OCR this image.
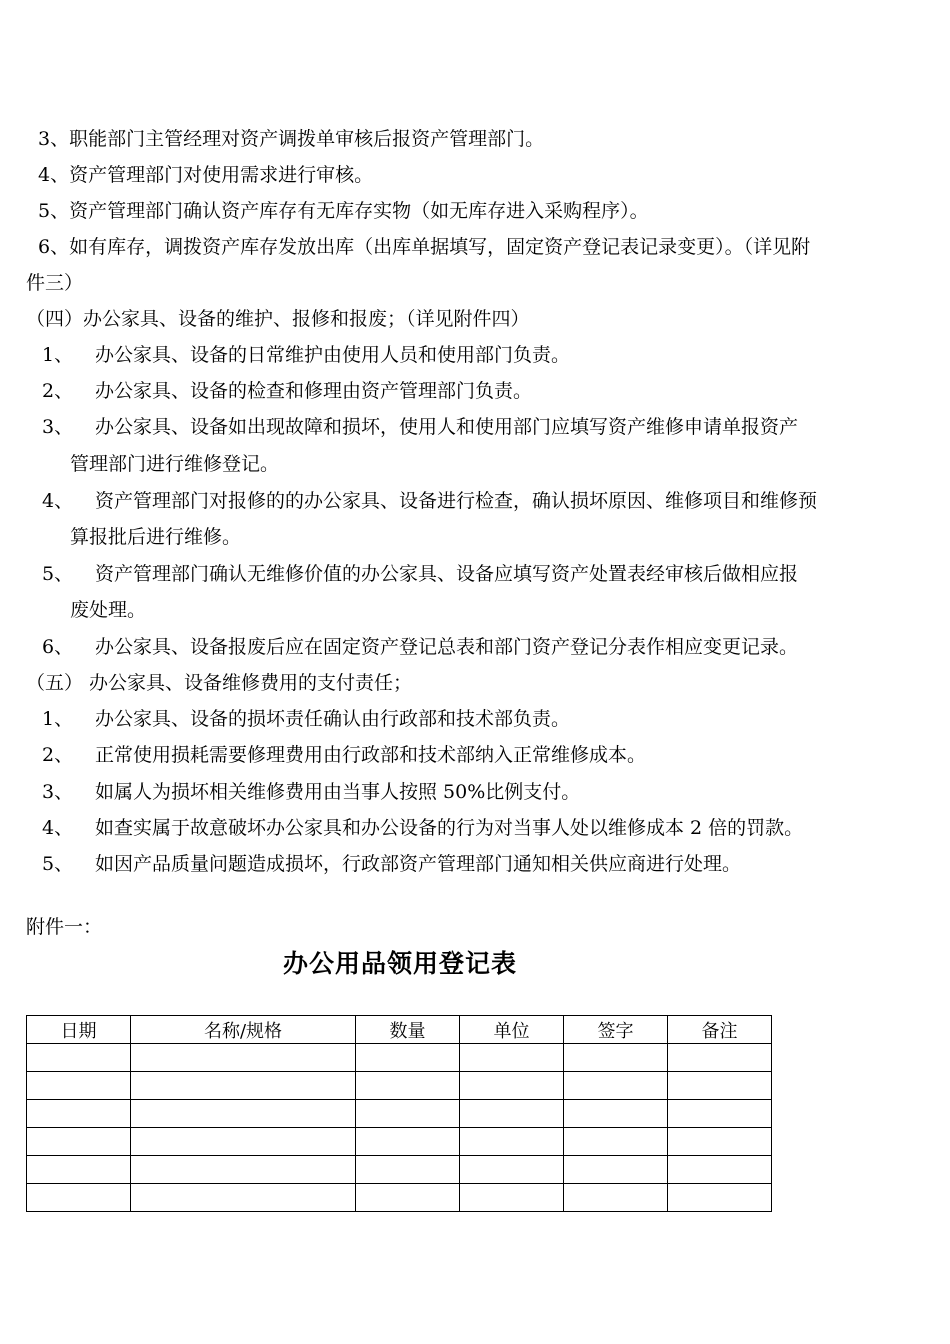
3、职能部门主管经理对资产调拨单审核后报资产管理部门。
4、资产管理部门对使用需求进行审核。
5、资产管理部门确认资产库存有无库存实物（如无库存进入采购程序）。
6、如有库存，调拨资产库存发放出库（出库单据填写，固定资产登记表记录变更）。（详见附
件三）
（四）办公家具、设备的维护、报修和报废；（详见附件四）
1、 办公家具、设备的日常维护由使用人员和使用部门负责。
2、 办公家具、设备的检查和修理由资产管理部门负责。
3、 办公家具、设备如出现故障和损坏，使用人和使用部门应填写资产维修申请单报资产
管理部门进行维修登记。
4、 资产管理部门对报修的的办公家具、设备进行检查，确认损坏原因、维修项目和维修预
算报批后进行维修。
5、 资产管理部门确认无维修价值的办公家具、设备应填写资产处置表经审核后做相应报
废处理。
6、 办公家具、设备报废后应在固定资产登记总表和部门资产登记分表作相应变更记录。
（五） 办公家具、设备维修费用的支付责任；
1、 办公家具、设备的损坏责任确认由行政部和技术部负责。
2、 正常使用损耗需要修理费用由行政部和技术部纳入正常维修成本。
3、 如属人为损坏相关维修费用由当事人按照 50%比例支付。
4、 如查实属于故意破坏办公家具和办公设备的行为对当事人处以维修成本 2 倍的罚款。
5、 如因产品质量问题造成损坏，行政部资产管理部门通知相关供应商进行处理。
附件一：
办公用品领用登记表
日期	名称/规格	数量	单位	签字	备注
